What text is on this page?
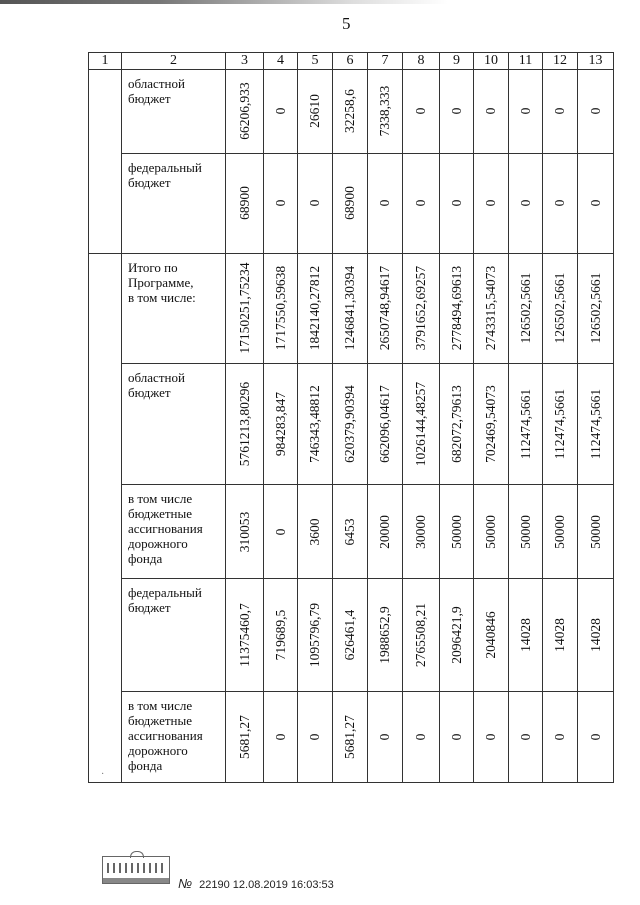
5
1	2	3	4	5	6	7	8	9	10	11	12	13
	областной
бюджет	66206,933	0	26610	32258,6	7338,333	0	0	0	0	0	0

	федеральный
бюджет	68900	0	0	68900	0	0	0	0	0	0	0

	Итого по
Программе,
в том числе:	17150251,75234	1717550,59638	1842140,27812	1246841,30394	2650748,94617	3791652,69257	2778494,69613	2743315,54073	126502,5661	126502,5661	126502,5661

	областной
бюджет	5761213,80296	984283,847	746343,48812	620379,90394	662096,04617	1026144,48257	682072,79613	702469,54073	112474,5661	112474,5661	112474,5661

	в том числе
бюджетные
ассигнования
дорожного
фонда	310053	0	3600	6453	20000	30000	50000	50000	50000	50000	50000

	федеральный
бюджет	11375460,7	719689,5	1095796,79	626461,4	1988652,9	2765508,21	2096421,9	2040846	14028	14028	14028

	в том числе
бюджетные
ассигнования
дорожного
фонда	5681,27	0	0	5681,27	0	0	0	0	0	0	0
·
№ 22190 12.08.2019 16:03:53
